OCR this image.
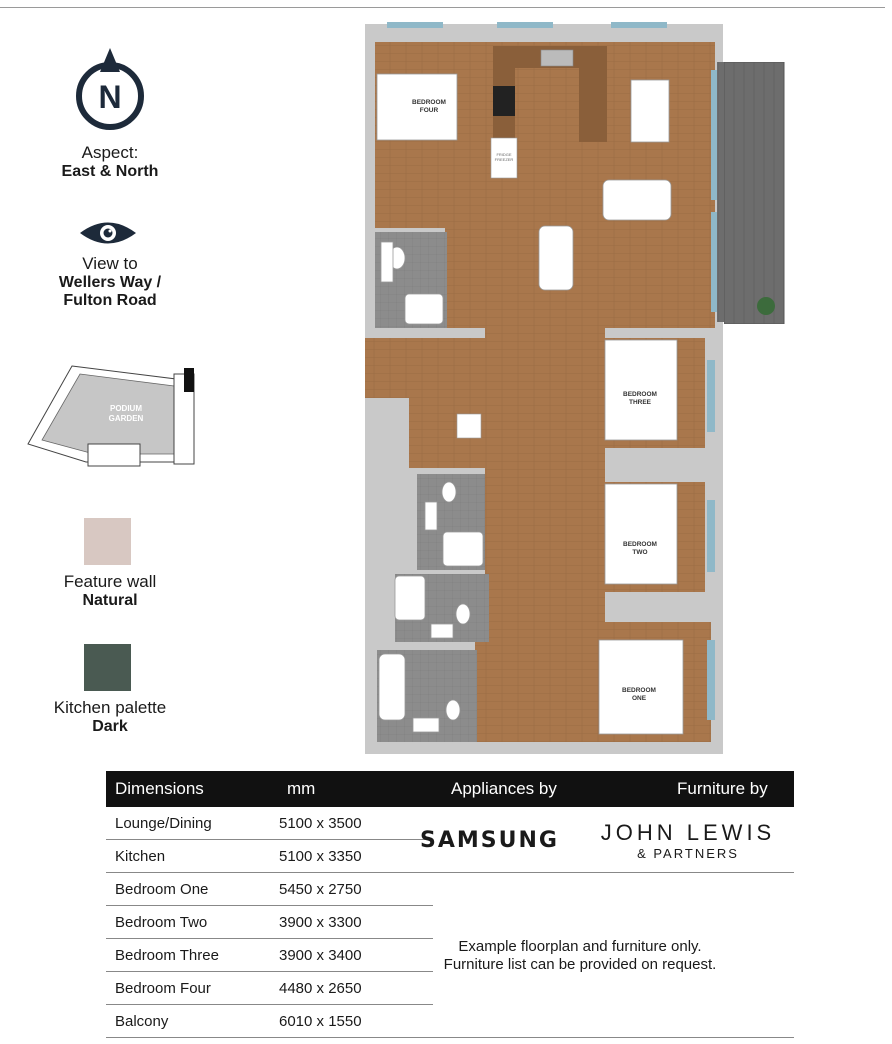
N
Aspect:
East & North
View to
Wellers Way /
Fulton Road
PODIUM
GARDEN
Feature wall
Natural
Kitchen palette
Dark
BEDROOM
FOUR
BEDROOM
THREE
BEDROOM
TWO
BEDROOM
ONE
FRIDGE
FREEZER
Dimensions	mm	Appliances by	Furniture by
Lounge/Dining	5100 x 3500		
Kitchen	5100 x 3350		
Bedroom One	5450 x 2750		
Bedroom Two	3900 x 3300		
Bedroom Three	3900 x 3400		
Bedroom Four	4480 x 2650		
Balcony	6010 x 1550		
SAMSUNG JOHN LEWIS
& PARTNERS
Example floorplan and furniture only.
Furniture list can be provided on request.
